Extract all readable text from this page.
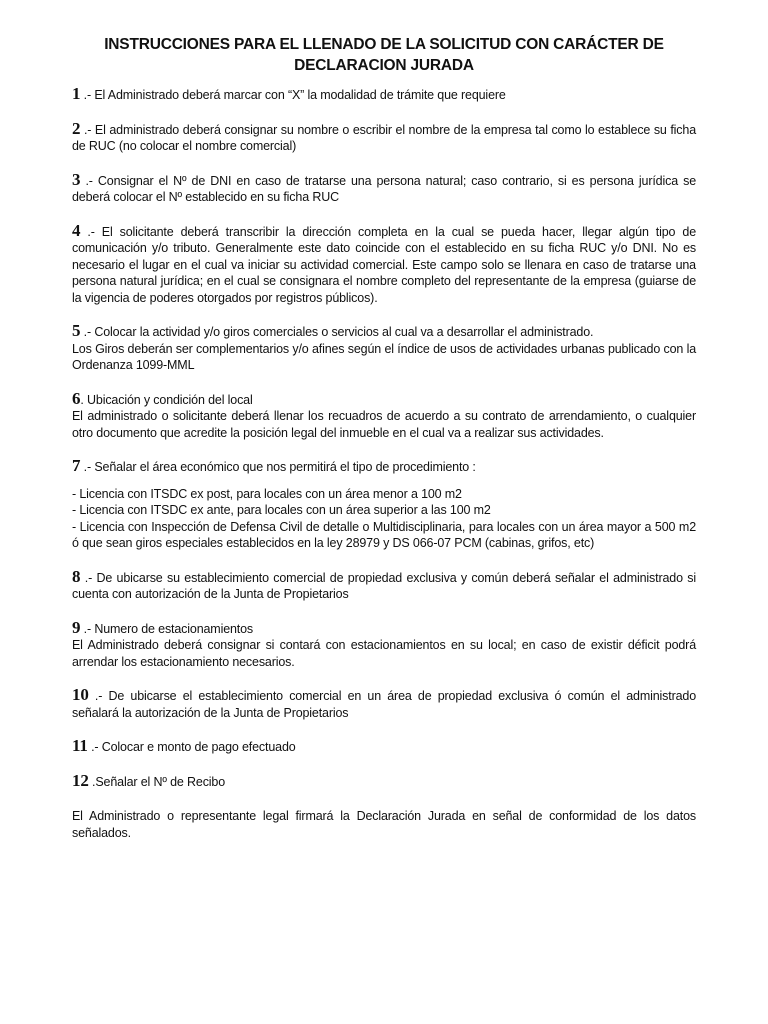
INSTRUCCIONES PARA EL LLENADO DE LA SOLICITUD CON CARÁCTER DE
DECLARACION JURADA
1 .- El Administrado deberá marcar con “X” la modalidad de trámite que requiere
2 .- El administrado deberá consignar su nombre o escribir el nombre de la empresa tal como lo establece su ficha de RUC (no colocar el nombre comercial)
3 .- Consignar el Nº de DNI en caso de tratarse una persona natural; caso contrario, si es persona jurídica se deberá colocar el Nº establecido en su ficha RUC
4 .- El solicitante deberá transcribir la dirección completa en la cual se pueda hacer, llegar algún tipo de comunicación y/o tributo. Generalmente este dato coincide con el establecido en su ficha RUC y/o DNI. No es necesario el lugar en el cual va iniciar su actividad comercial. Este campo solo se llenara en caso de tratarse una persona natural jurídica; en el cual se consignara el nombre completo del representante de la empresa (guiarse de la vigencia de poderes otorgados por registros públicos).
5 .- Colocar la actividad y/o giros comerciales o servicios al cual va a desarrollar el administrado.
Los Giros deberán ser complementarios y/o afines según el índice de usos de actividades urbanas publicado con la Ordenanza 1099-MML
6. Ubicación y condición del local
El administrado o solicitante deberá llenar los recuadros de acuerdo a su contrato de arrendamiento, o cualquier otro documento que acredite la posición legal del inmueble en el cual va a realizar sus actividades.
7 .- Señalar el área económico que nos permitirá el tipo de procedimiento :
- Licencia con ITSDC ex post, para locales con un área menor a 100 m2
- Licencia con ITSDC ex ante, para locales con un área superior a las 100 m2
- Licencia con Inspección de Defensa Civil de detalle o Multidisciplinaria, para locales con un área mayor a 500 m2 ó que sean giros especiales establecidos en la ley 28979 y DS 066-07 PCM (cabinas, grifos, etc)
8 .- De ubicarse su establecimiento comercial de propiedad exclusiva y común deberá señalar el administrado si cuenta con autorización de la Junta de Propietarios
9 .- Numero de estacionamientos
El Administrado deberá consignar si contará con estacionamientos en su local; en caso de existir déficit podrá arrendar los estacionamiento necesarios.
10 .- De ubicarse el establecimiento comercial en un área de propiedad exclusiva ó común el administrado señalará la autorización de la Junta de Propietarios
11 .- Colocar e monto de pago efectuado
12 .Señalar el Nº de Recibo
El Administrado o representante legal firmará la Declaración Jurada en señal de conformidad de los datos señalados.
